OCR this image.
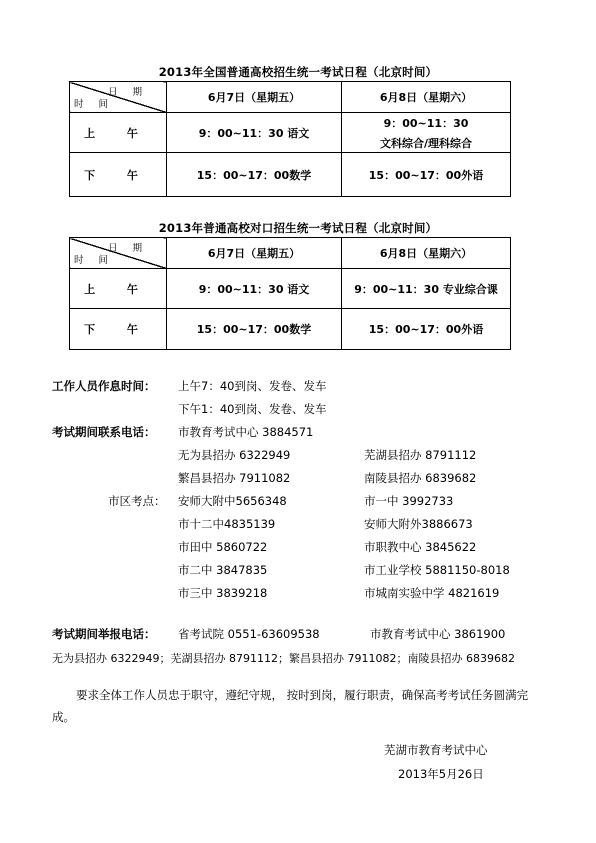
2013年全国普通高校招生统一考试日程（北京时间）
日 期
时 间	6月7日（星期五）	6月8日（星期六）
上 午	9：00~11：30 语文	9：00~11：30
文科综合/理科综合

下 午	15：00~17：00数学	15：00~17：00外语
2013年普通高校对口招生统一考试日程（北京时间）
日 期
时 间	6月7日（星期五）	6月8日（星期六）
上 午	9：00~11：30 语文	9：00~11：30 专业综合课
下 午	15：00~17：00数学	15：00~17：00外语
工作人员作息时间： 上午7：40到岗、发卷、发车
下午1：40到岗、发卷、发车
考试期间联系电话： 市教育考试中心 3884571
无为县招办 6322949	芜湖县招办 8791112
繁昌县招办 7911082	南陵县招办 6839682
市区考点： 安师大附中5656348	市一中 3992733
市十二中4835139	安师大附外3886673
市田中 5860722	市职教中心 3845622
市二中 3847835	市工业学校 5881150-8018
市三中 3839218	市城南实验中学 4821619
考试期间举报电话： 省考试院 0551-63609538	市教育考试中心 3861900
无为县招办 6322949；芜湖县招办 8791112；繁昌县招办 7911082；南陵县招办 6839682
要求全体工作人员忠于职守，遵纪守规， 按时到岗，履行职责，确保高考考试任务圆满完成。
芜湖市教育考试中心
2013年5月26日
